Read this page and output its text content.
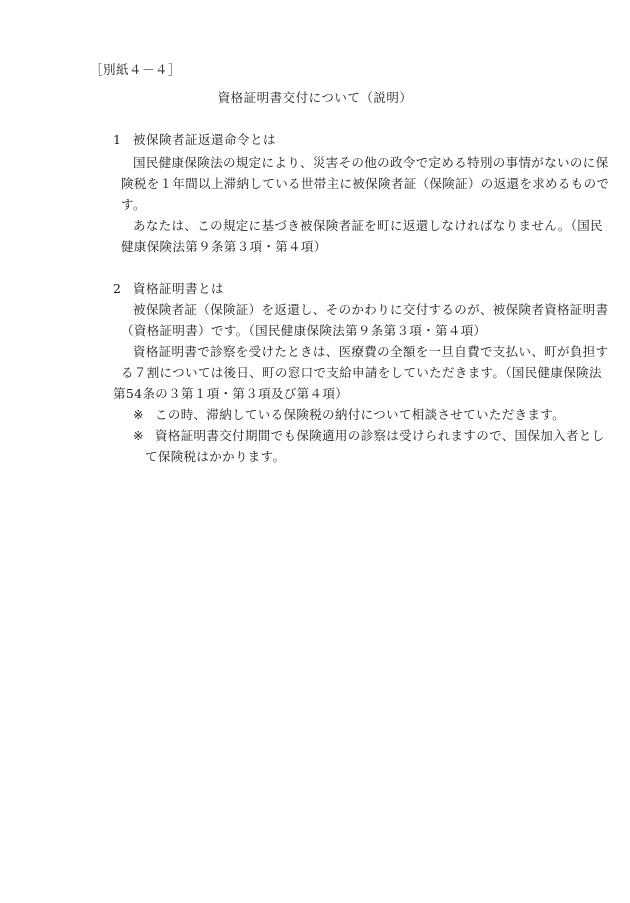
［別紙４－４］
資格証明書交付について（説明）
1 被保険者証返還命令とは
国民健康保険法の規定により、災害その他の政令で定める特別の事情がないのに保
険税を１年間以上滞納している世帯主に被保険者証（保険証）の返還を求めるもので
す。
あなたは、この規定に基づき被保険者証を町に返還しなければなりません。（国民
健康保険法第９条第３項・第４項）
2 資格証明書とは
被保険者証（保険証）を返還し、そのかわりに交付するのが、被保険者資格証明書
（資格証明書）です。（国民健康保険法第９条第３項・第４項）
資格証明書で診察を受けたときは、医療費の全額を一旦自費で支払い、町が負担す
る７割については後日、町の窓口で支給申請をしていただきます。（国民健康保険法
第54条の３第１項・第３項及び第４項）
※ この時、滞納している保険税の納付について相談させていただきます。
※ 資格証明書交付期間でも保険適用の診察は受けられますので、国保加入者とし
て保険税はかかります。
